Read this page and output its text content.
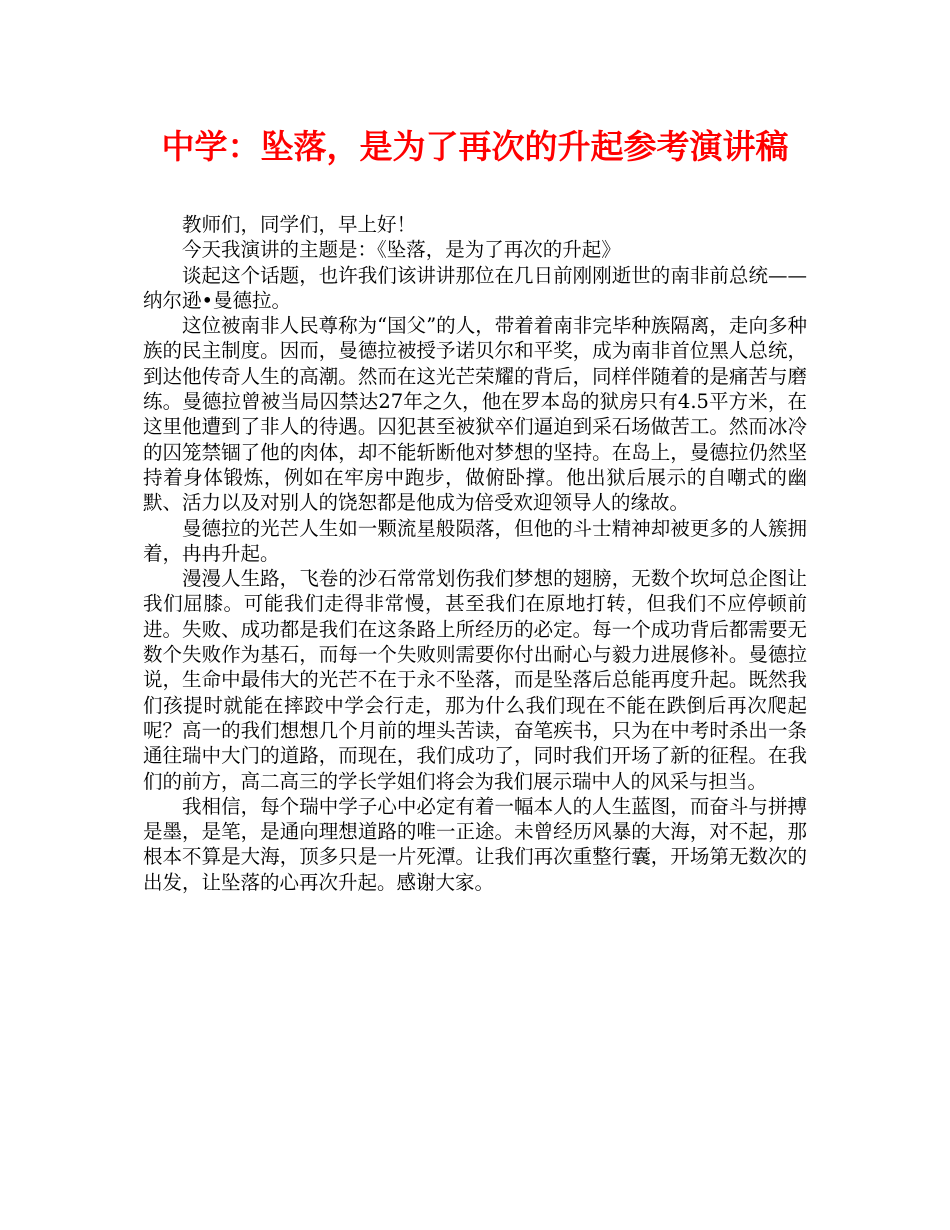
中学：坠落，是为了再次的升起参考演讲稿

教师们，同学们，早上好！

今天我演讲的主题是：《坠落，是为了再次的升起》

谈起这个话题，也许我们该讲讲那位在几日前刚刚逝世的南非前总统——纳尔逊•曼德拉。

这位被南非人民尊称为“国父”的人，带着着南非完毕种族隔离，走向多种族的民主制度。因而，曼德拉被授予诺贝尔和平奖，成为南非首位黑人总统，到达他传奇人生的高潮。然而在这光芒荣耀的背后，同样伴随着的是痛苦与磨练。曼德拉曾被当局囚禁达27年之久，他在罗本岛的狱房只有4.5平方米，在这里他遭到了非人的待遇。囚犯甚至被狱卒们逼迫到采石场做苦工。然而冰冷的囚笼禁锢了他的肉体，却不能斩断他对梦想的坚持。在岛上，曼德拉仍然坚持着身体锻炼，例如在牢房中跑步，做俯卧撑。他出狱后展示的自嘲式的幽默、活力以及对别人的饶恕都是他成为倍受欢迎领导人的缘故。

曼德拉的光芒人生如一颗流星般陨落，但他的斗士精神却被更多的人簇拥着，冉冉升起。

漫漫人生路，飞卷的沙石常常划伤我们梦想的翅膀，无数个坎坷总企图让我们屈膝。可能我们走得非常慢，甚至我们在原地打转，但我们不应停顿前进。失败、成功都是我们在这条路上所经历的必定。每一个成功背后都需要无数个失败作为基石，而每一个失败则需要你付出耐心与毅力进展修补。曼德拉说，生命中最伟大的光芒不在于永不坠落，而是坠落后总能再度升起。既然我们孩提时就能在摔跤中学会行走，那为什么我们现在不能在跌倒后再次爬起呢？高一的我们想想几个月前的埋头苦读，奋笔疾书，只为在中考时杀出一条通往瑞中大门的道路，而现在，我们成功了，同时我们开场了新的征程。在我们的前方，高二高三的学长学姐们将会为我们展示瑞中人的风采与担当。

我相信，每个瑞中学子心中必定有着一幅本人的人生蓝图，而奋斗与拼搏是墨，是笔，是通向理想道路的唯一正途。未曾经历风暴的大海，对不起，那根本不算是大海，顶多只是一片死潭。让我们再次重整行囊，开场第无数次的出发，让坠落的心再次升起。感谢大家。
